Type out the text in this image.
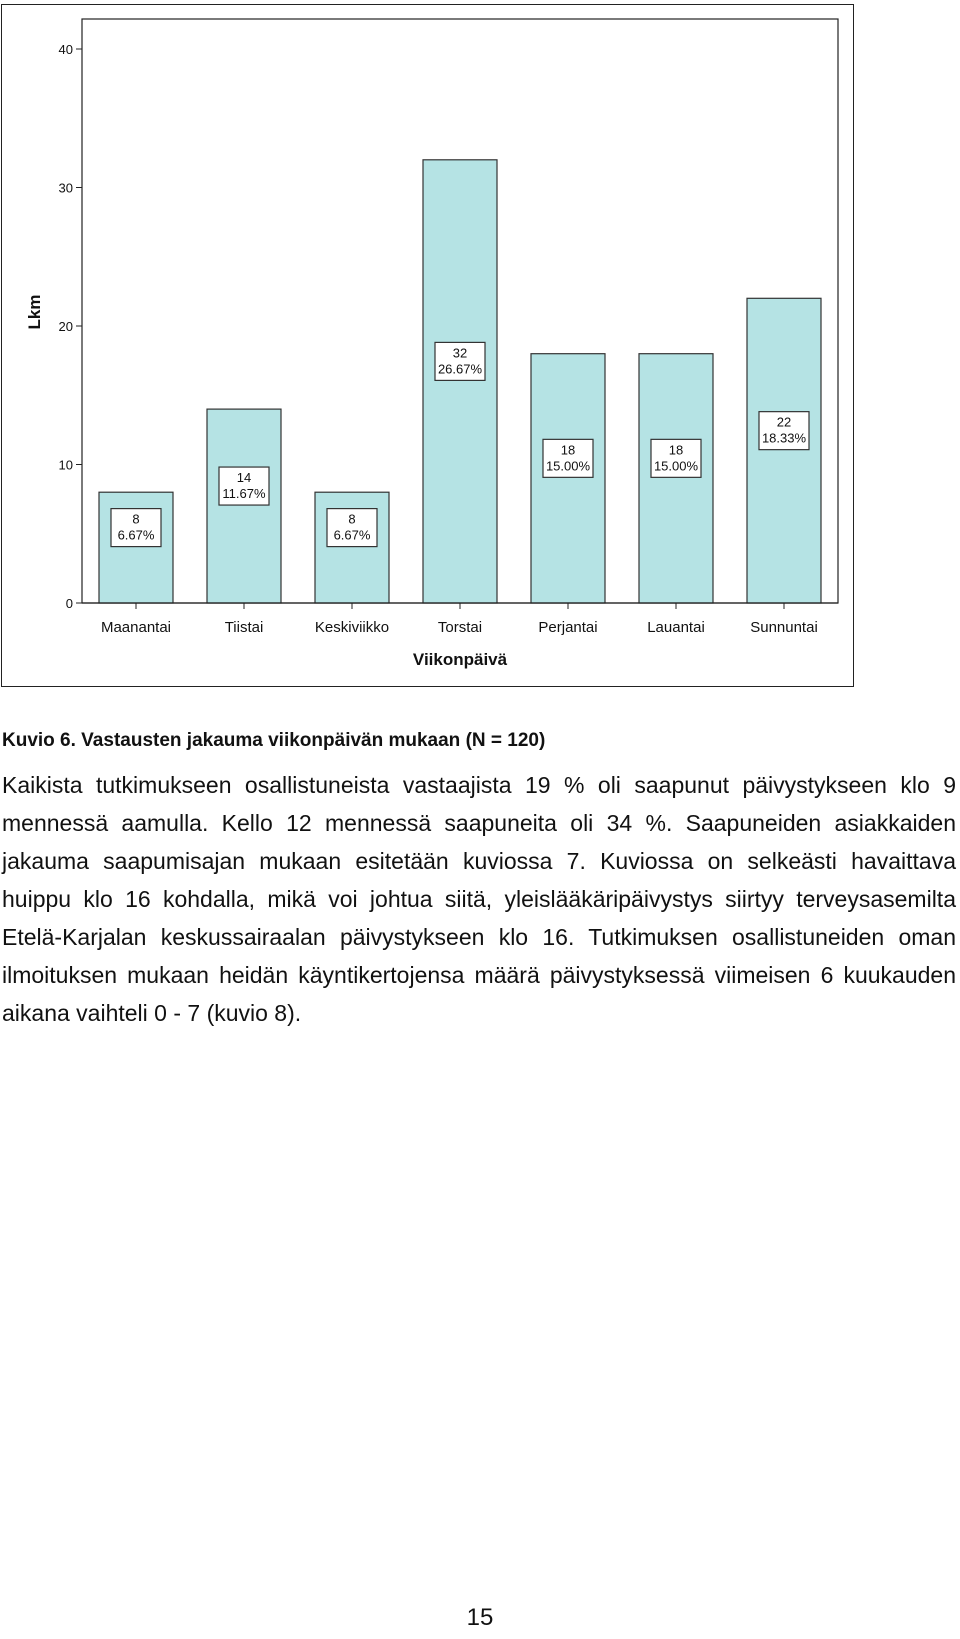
0
10
20
30
40
Lkm
8
6.67%
Maanantai
14
11.67%
Tiistai
8
6.67%
Keskiviikko
32
26.67%
Torstai
18
15.00%
Perjantai
18
15.00%
Lauantai
22
18.33%
Sunnuntai
Viikonpäivä
Kuvio 6. Vastausten jakauma viikonpäivän mukaan (N = 120)

Kaikista tutkimukseen osallistuneista vastaajista 19 % oli saapunut päivystykseen klo 9 mennessä aamulla. Kello 12 mennessä saapuneita oli 34 %. Saapuneiden asiakkaiden jakauma saapumisajan mukaan esitetään kuviossa 7. Kuviossa on selkeästi havaittava huippu klo 16 kohdalla, mikä voi johtua siitä, yleislääkäripäivystys siirtyy terveysasemilta Etelä-Karjalan keskussairaalan päivystykseen klo 16. Tutkimuksen osallistuneiden oman ilmoituksen mukaan heidän käyntikertojensa määrä päivystyksessä viimeisen 6 kuukauden aikana vaihteli 0 - 7 (kuvio 8).

15
